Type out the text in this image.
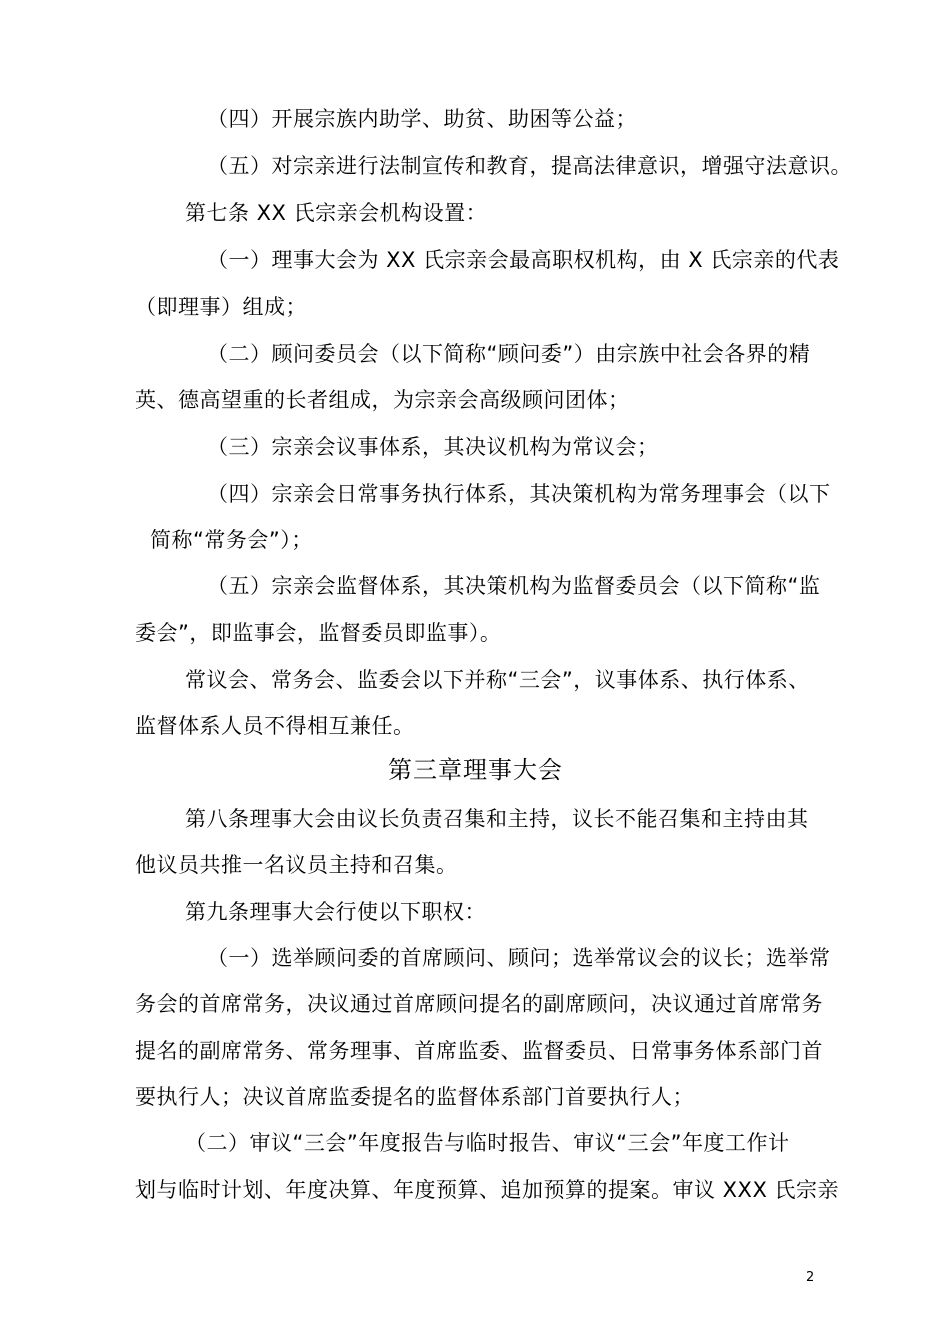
（四）开展宗族内助学、助贫、助困等公益；
（五）对宗亲进行法制宣传和教育，提高法律意识，增强守法意识。
第七条 XX 氏宗亲会机构设置：
（一）理事大会为 XX 氏宗亲会最高职权机构，由 X 氏宗亲的代表
（即理事）组成；
（二）顾问委员会（以下简称“顾问委”）由宗族中社会各界的精
英、德高望重的长者组成，为宗亲会高级顾问团体；
（三）宗亲会议事体系，其决议机构为常议会；
（四）宗亲会日常事务执行体系，其决策机构为常务理事会（以下
简称“常务会”）；
（五）宗亲会监督体系，其决策机构为监督委员会（以下简称“监
委会”，即监事会，监督委员即监事）。
常议会、常务会、监委会以下并称“三会”，议事体系、执行体系、
监督体系人员不得相互兼任。
第三章理事大会
第八条理事大会由议长负责召集和主持，议长不能召集和主持由其
他议员共推一名议员主持和召集。
第九条理事大会行使以下职权：
（一）选举顾问委的首席顾问、顾问；选举常议会的议长；选举常
务会的首席常务，决议通过首席顾问提名的副席顾问，决议通过首席常务
提名的副席常务、常务理事、首席监委、监督委员、日常事务体系部门首
要执行人；决议首席监委提名的监督体系部门首要执行人；
（二）审议“三会”年度报告与临时报告、审议“三会”年度工作计
划与临时计划、年度决算、年度预算、追加预算的提案。审议 XXX 氏宗亲
2
